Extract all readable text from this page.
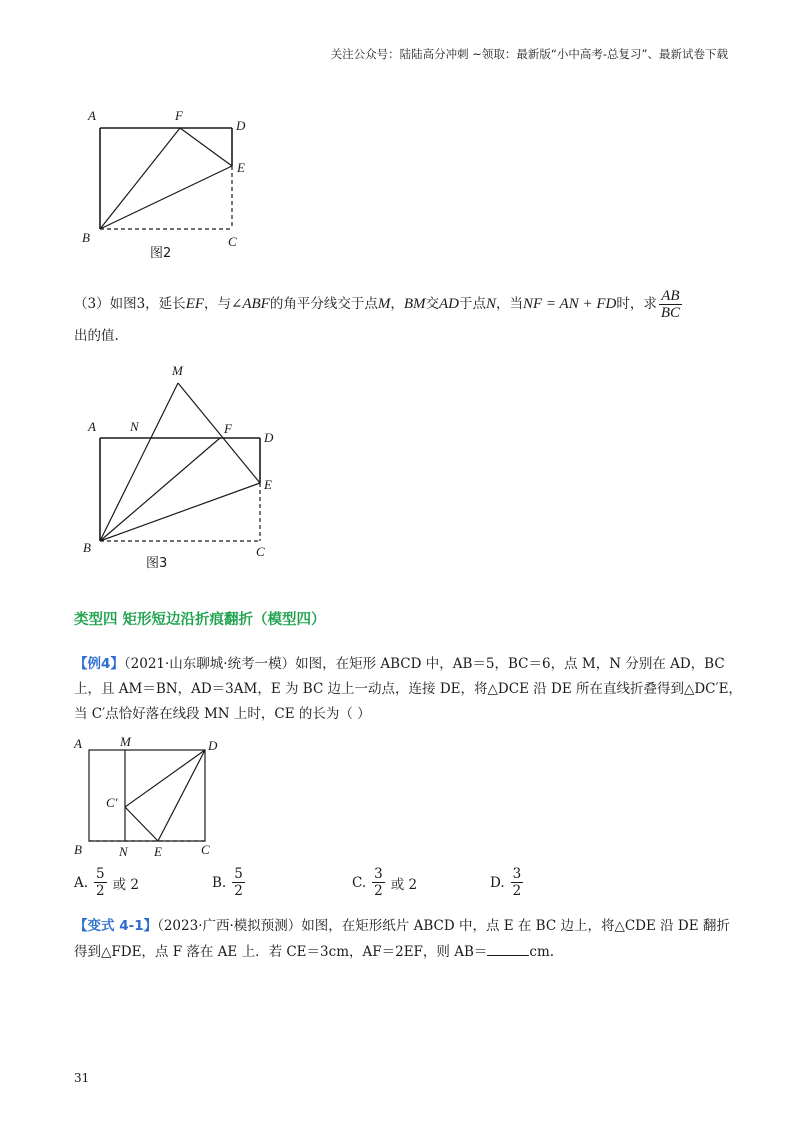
关注公众号：陆陆高分冲刺 ~领取：最新版“小中高考-总复习”、最新试卷下载
A	F
D
E
B	C
图2
（3）如图3，延长EF，与∠ABF的角平分线交于点M，BM交AD于点N，当NF = AN + FD时，求 $\frac{AB}{BC}$
出的值.
M
A	N	F
D
E
B	C
图3
类型四 矩形短边沿折痕翻折（模型四）
【例4】（2021·山东聊城·统考一模）如图，在矩形 ABCD 中，AB＝5，BC＝6，点 M，N 分别在 AD，BC
上，且 AM＝BN，AD＝3AM，E 为 BC 边上一动点，连接 DE，将△DCE 沿 DE 所在直线折叠得到△DC′E，
当 C′点恰好落在线段 MN 上时，CE 的长为（ ）
A	M	D
C′
B	N E	C
A. $\frac{5}{2}$ 或 2	B. $\frac{5}{2}$	C. $\frac{3}{2}$ 或 2	D. $\frac{3}{2}$
【变式 4-1】（2023·广西·模拟预测）如图，在矩形纸片 ABCD 中，点 E 在 BC 边上，将△CDE 沿 DE 翻折
得到△FDE，点 F 落在 AE 上．若 CE＝3cm，AF＝2EF，则 AB＝	cm.
31
